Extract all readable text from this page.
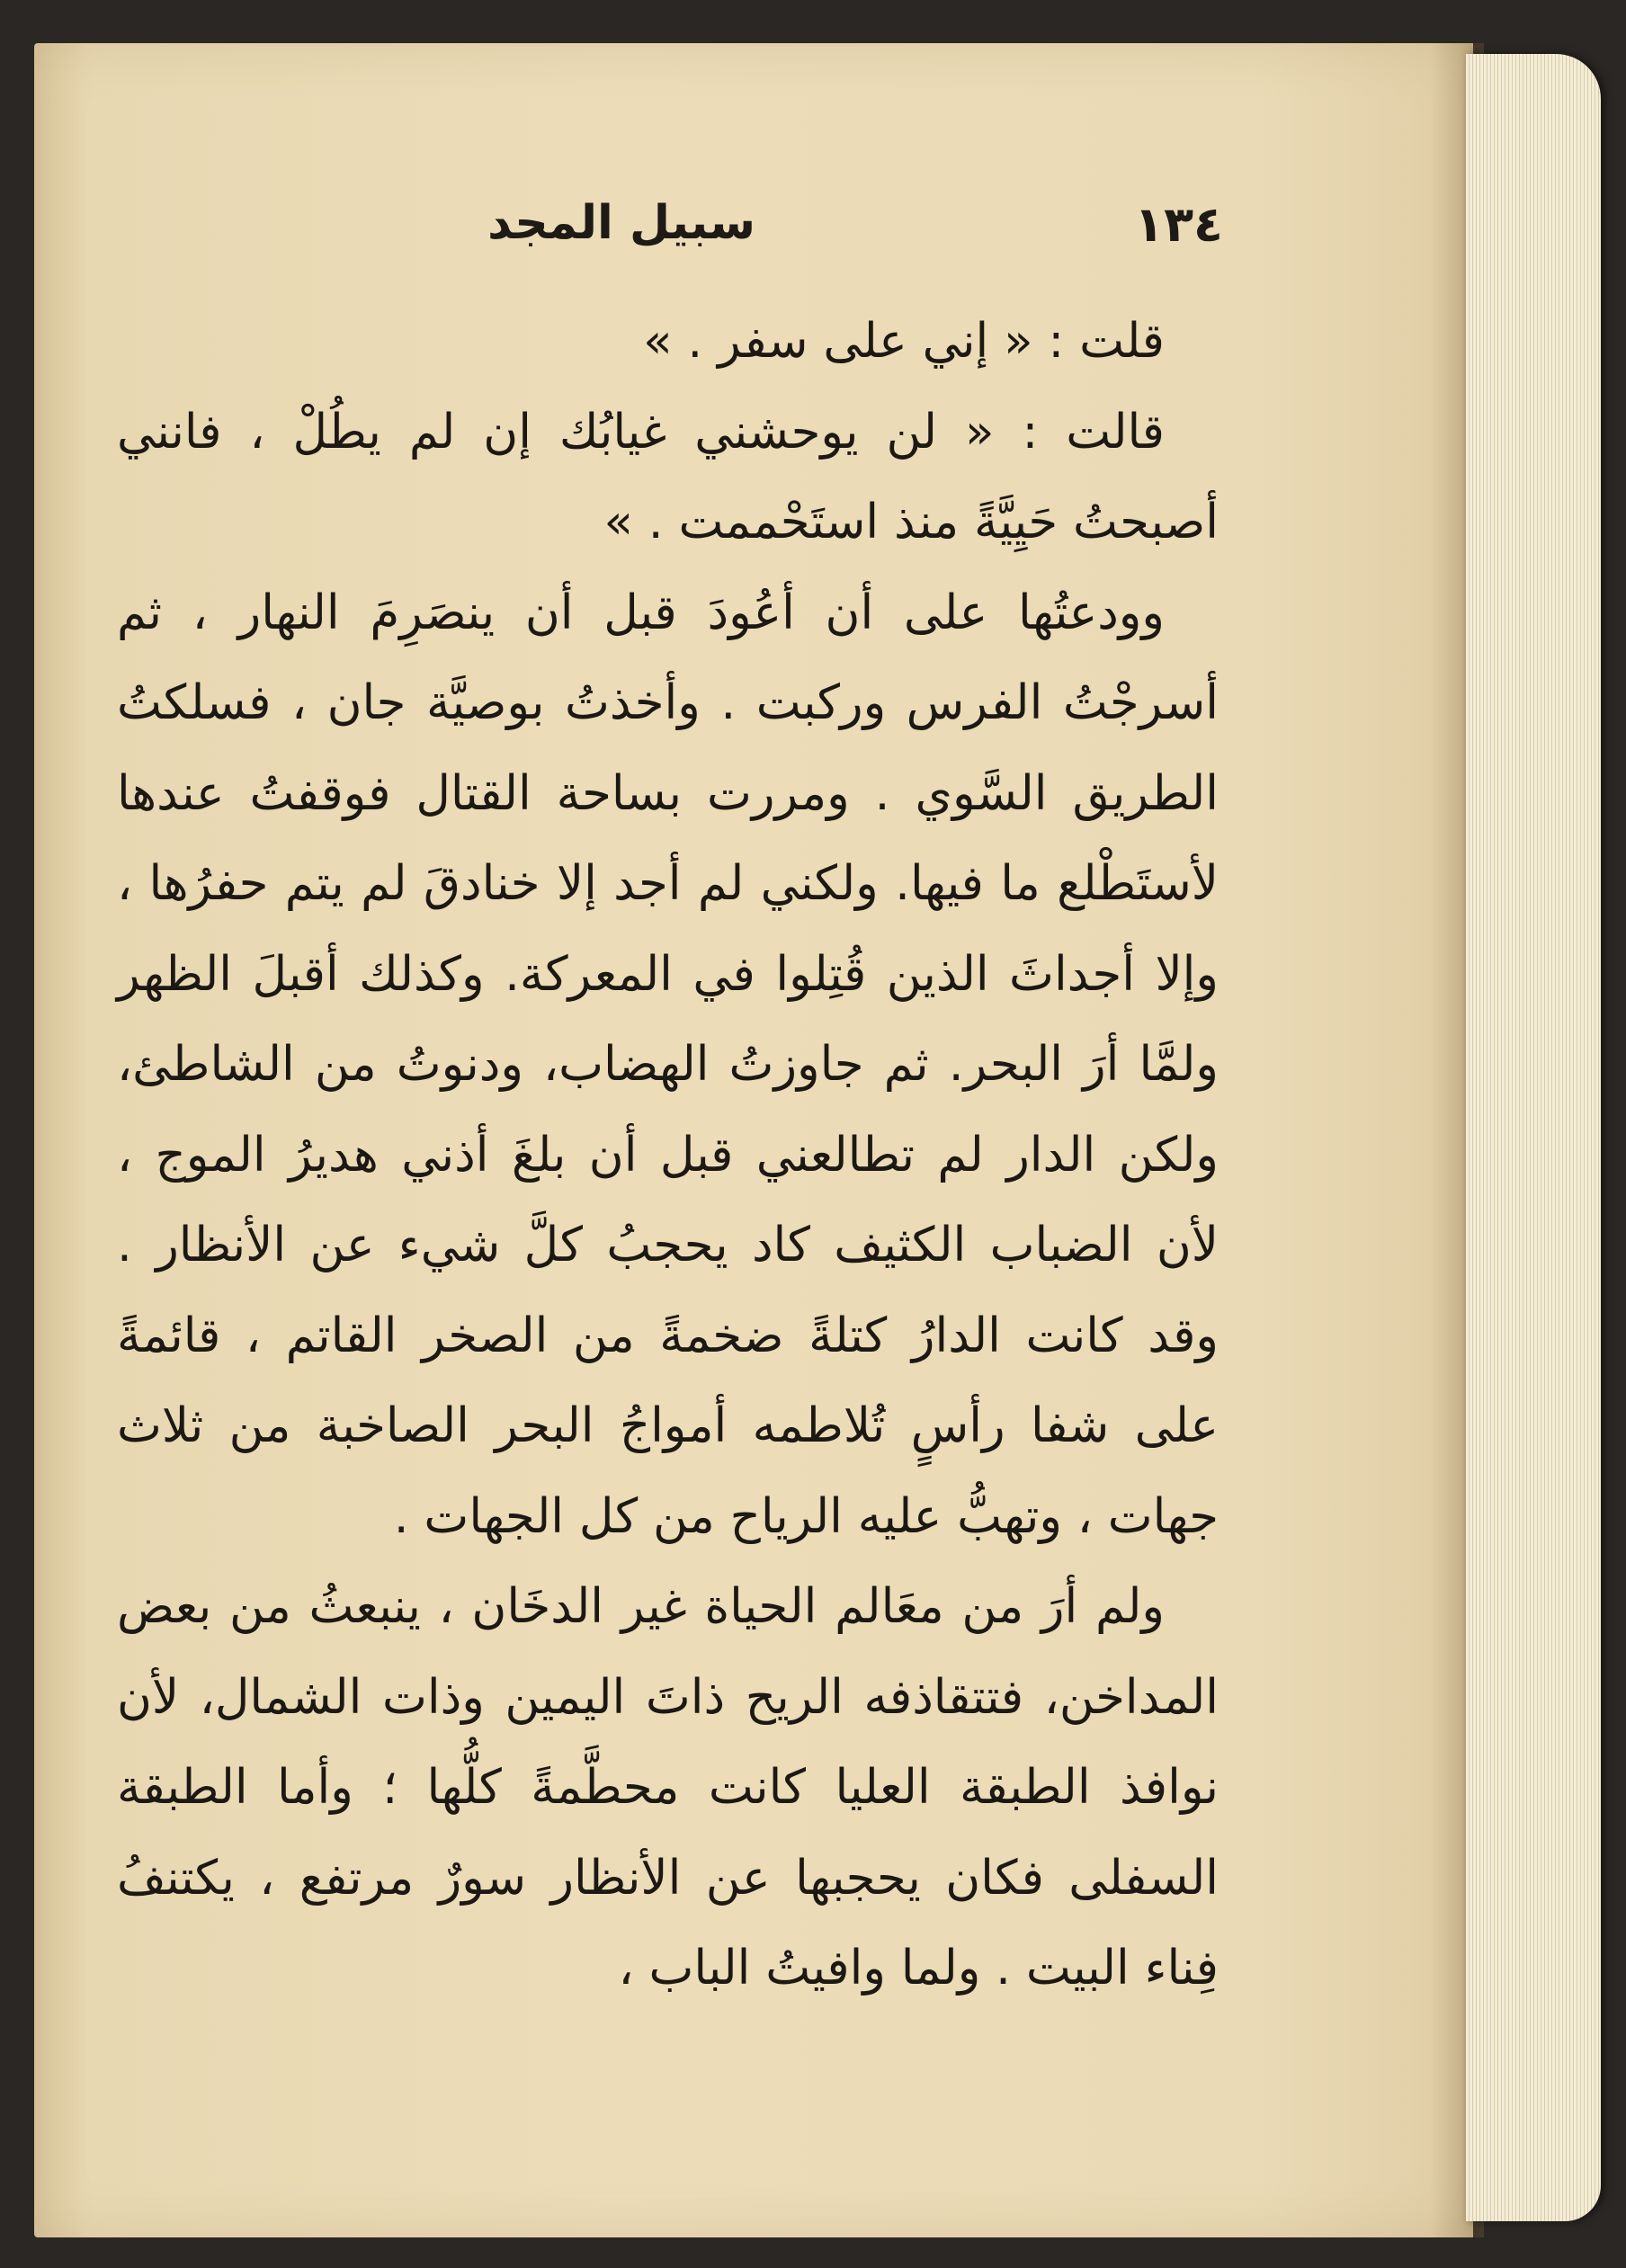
١٣٤
سبيل المجد

قلت : « إني على سفر . »

قالت : « لن يوحشني غيابُك إن لم يطُلْ ، فانني أصبحتُ حَيِيَّةً منذ استَحْممت . »

وودعتُها على أن أعُودَ قبل أن ينصَرِمَ النهار ، ثم أسرجْتُ الفرس وركبت . وأخذتُ بوصيَّة جان ، فسلكتُ الطريق السَّوي . ومررت بساحة القتال فوقفتُ عندها لأستَطْلع ما فيها. ولكني لم أجد إلا خنادقَ لم يتم حفرُها ، وإلا أجداثَ الذين قُتِلوا في المعركة. وكذلك أقبلَ الظهر ولمَّا أرَ البحر. ثم جاوزتُ الهضاب، ودنوتُ من الشاطئ، ولكن الدار لم تطالعني قبل أن بلغَ أذني هديرُ الموج ، لأن الضباب الكثيف كاد يحجبُ كلَّ شيء عن الأنظار . وقد كانت الدارُ كتلةً ضخمةً من الصخر القاتم ، قائمةً على شفا رأسٍ تُلاطمه أمواجُ البحر الصاخبة من ثلاث جهات ، وتهبُّ عليه الرياح من كل الجهات .

ولم أرَ من معَالم الحياة غير الدخَان ، ينبعثُ من بعض المداخن، فتتقاذفه الريح ذاتَ اليمين وذات الشمال، لأن نوافذ الطبقة العليا كانت محطَّمةً كلُّها ؛ وأما الطبقة السفلى فكان يحجبها عن الأنظار سورٌ مرتفع ، يكتنفُ فِناء البيت . ولما وافيتُ الباب ،
